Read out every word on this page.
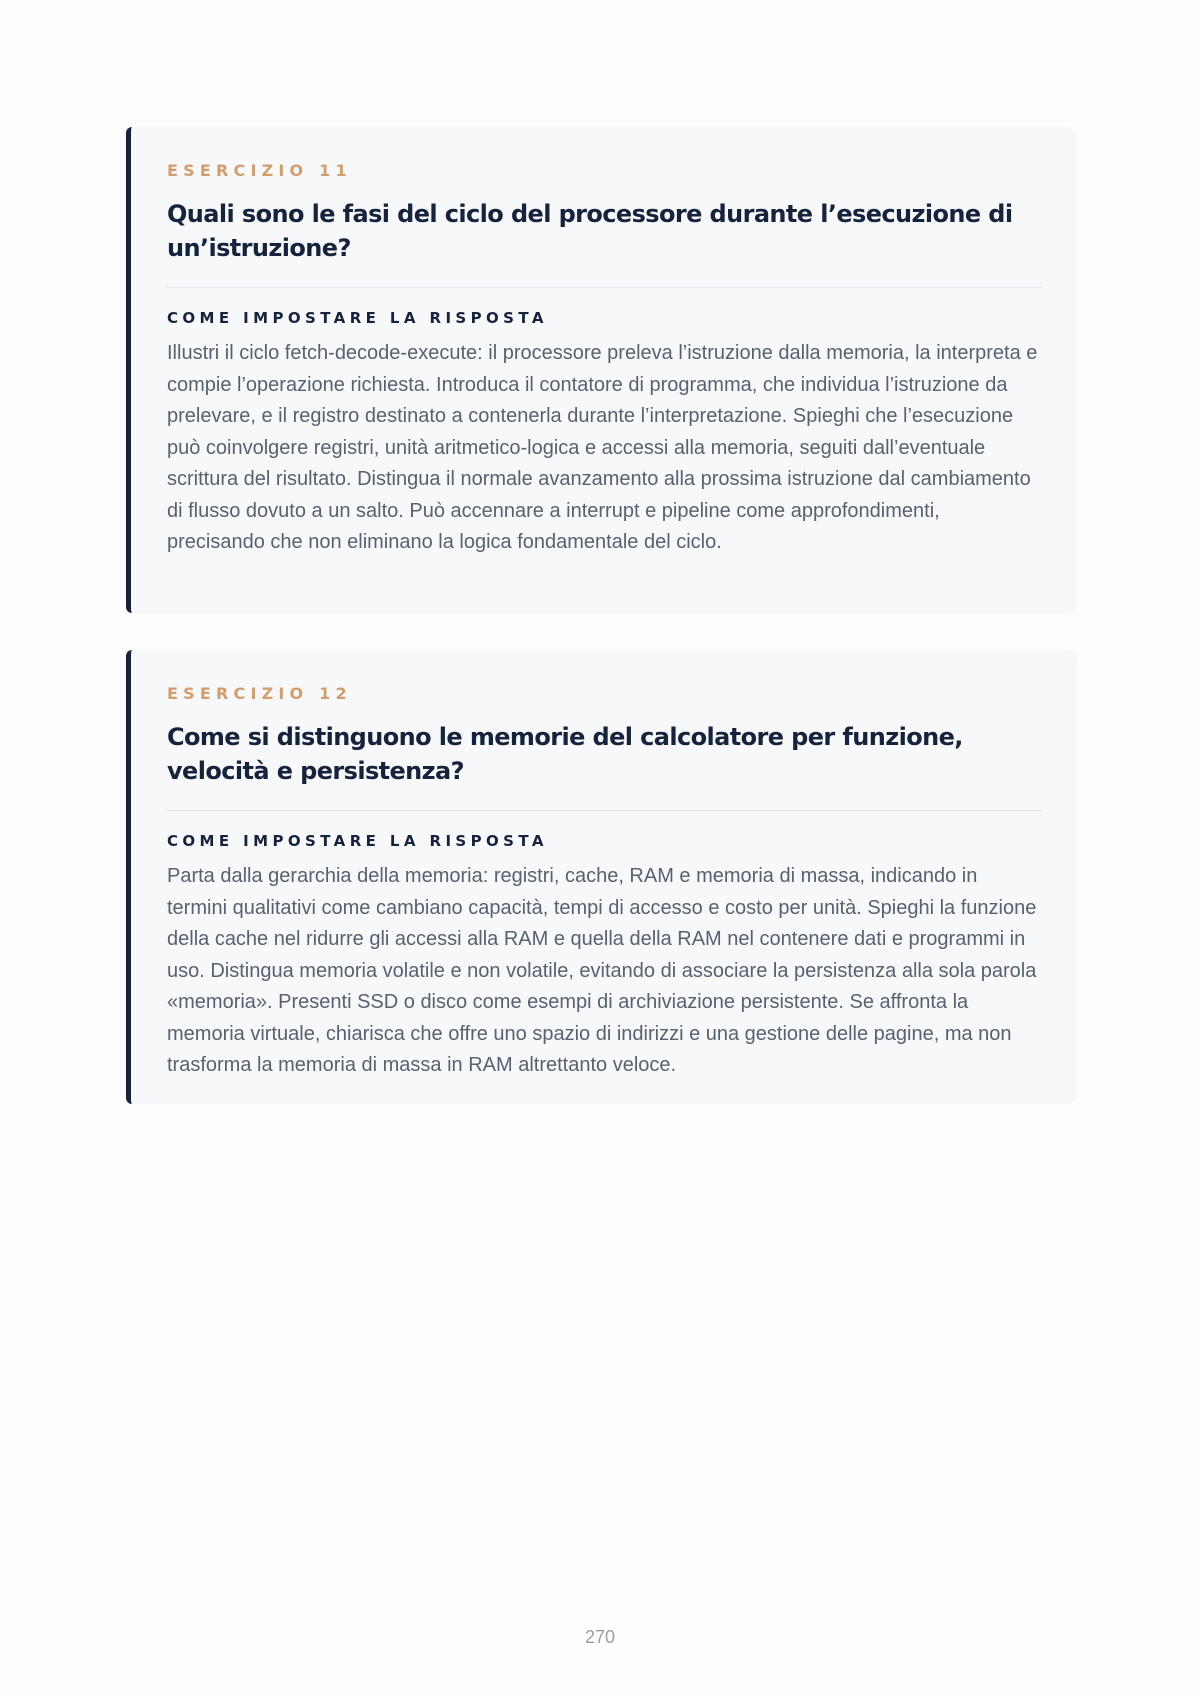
ESERCIZIO 11
Quali sono le fasi del ciclo del processore durante l’esecuzione di un’istruzione?
COME IMPOSTARE LA RISPOSTA

Illustri il ciclo fetch-decode-execute: il processore preleva l’istruzione dalla memoria, la interpreta e compie l’operazione richiesta. Introduca il contatore di programma, che individua l’istruzione da prelevare, e il registro destinato a contenerla durante l’interpretazione. Spieghi che l’esecuzione può coinvolgere registri, unità aritmetico-logica e accessi alla memoria, seguiti dall’eventuale scrittura del risultato. Distingua il normale avanzamento alla prossima istruzione dal cambiamento di flusso dovuto a un salto. Può accennare a interrupt e pipeline come approfondimenti, precisando che non eliminano la logica fondamentale del ciclo.

ESERCIZIO 12
Come si distinguono le memorie del calcolatore per funzione, velocità e persistenza?
COME IMPOSTARE LA RISPOSTA

Parta dalla gerarchia della memoria: registri, cache, RAM e memoria di massa, indicando in termini qualitativi come cambiano capacità, tempi di accesso e costo per unità. Spieghi la funzione della cache nel ridurre gli accessi alla RAM e quella della RAM nel contenere dati e programmi in uso. Distingua memoria volatile e non volatile, evitando di associare la persistenza alla sola parola «memoria». Presenti SSD o disco come esempi di archiviazione persistente. Se affronta la memoria virtuale, chiarisca che offre uno spazio di indirizzi e una gestione delle pagine, ma non trasforma la memoria di massa in RAM altrettanto veloce.

270
